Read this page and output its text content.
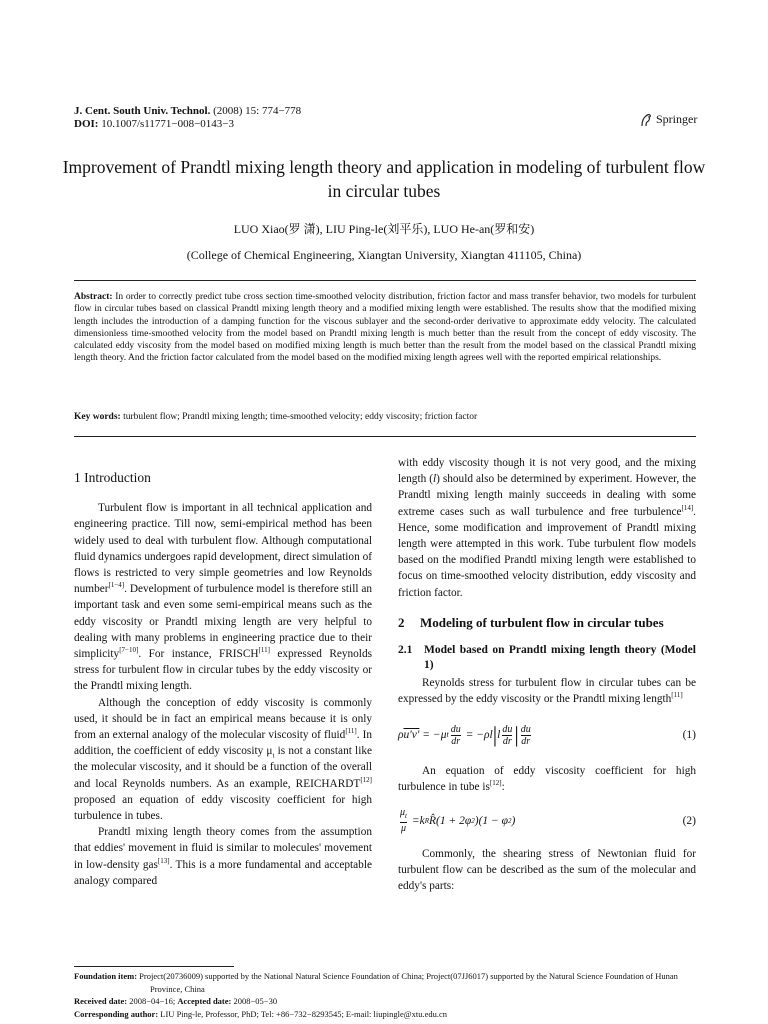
J. Cent. South Univ. Technol. (2008) 15: 774−778
DOI: 10.1007/s11771−008−0143−3	Springer
Improvement of Prandtl mixing length theory and application in modeling of turbulent flow in circular tubes
LUO Xiao(罗 潇), LIU Ping-le(刘平乐), LUO He-an(罗和安)
(College of Chemical Engineering, Xiangtan University, Xiangtan 411105, China)
Abstract: In order to correctly predict tube cross section time-smoothed velocity distribution, friction factor and mass transfer behavior, two models for turbulent flow in circular tubes based on classical Prandtl mixing length theory and a modified mixing length were established. The results show that the modified mixing length includes the introduction of a damping function for the viscous sublayer and the second-order derivative to approximate eddy velocity. The calculated dimensionless time-smoothed velocity from the model based on Prandtl mixing length is much better than the result from the concept of eddy viscosity. The calculated eddy viscosity from the model based on modified mixing length is much better than the result from the model based on the classical Prandtl mixing length theory. And the friction factor calculated from the model based on the modified mixing length agrees well with the reported empirical relationships.
Key words: turbulent flow; Prandtl mixing length; time-smoothed velocity; eddy viscosity; friction factor
1 Introduction

Turbulent flow is important in all technical application and engineering practice. Till now, semi-empirical method has been widely used to deal with turbulent flow. Although computational fluid dynamics undergoes rapid development, direct simulation of flows is restricted to very simple geometries and low Reynolds number[1−4]. Development of turbulence model is therefore still an important task and even some semi-empirical means such as the eddy viscosity or Prandtl mixing length are very helpful to dealing with many problems in engineering practice due to their simplicity[7−10]. For instance, FRISCH[11] expressed Reynolds stress for turbulent flow in circular tubes by the eddy viscosity or the Prandtl mixing length.

Although the conception of eddy viscosity is commonly used, it should be in fact an empirical means because it is only from an external analogy of the molecular viscosity of fluid[11]. In addition, the coefficient of eddy viscosity $\mu_t$ is not a constant like the molecular viscosity, and it should be a function of the overall and local Reynolds numbers. As an example, REICHARDT[12] proposed an equation of eddy viscosity coefficient for high turbulence in tubes.

Prandtl mixing length theory comes from the assumption that eddies' movement in fluid is similar to molecules' movement in low-density gas[13]. This is a more fundamental and acceptable analogy compared

with eddy viscosity though it is not very good, and the mixing length (l) should also be determined by experiment. However, the Prandtl mixing length mainly succeeds in dealing with some extreme cases such as wall turbulence and free turbulence[14]. Hence, some modification and improvement of Prandtl mixing length were attempted in this work. Tube turbulent flow models based on the modified Prandtl mixing length were established to focus on time-smoothed velocity distribution, eddy viscosity and friction factor.

2	Modeling of turbulent flow in circular tubes
2.1	Model based on Prandtl mixing length theory (Model 1)

Reynolds stress for turbulent flow in circular tubes can be expressed by the eddy viscosity or the Prandtl mixing length[11]

ρ u′v′ = −μ t $\frac{du}{dr} = -\rho$ l | l $\frac{du}{dr}$ | $\frac{du}{dr}$	(1)

An equation of eddy viscosity coefficient for high turbulence in tube is[12]:

$\frac{\mu_t}{\mu} = k$ R R̂ (1 + 2φ 2 )(1 − φ 2 )	(2)

Commonly, the shearing stress of Newtonian fluid for turbulent flow can be described as the sum of the molecular and eddy's parts:

Foundation item: Project(20736009) supported by the National Natural Science Foundation of China; Project(07JJ6017) supported by the Natural Science Foundation of Hunan Province, China
Received date: 2008−04−16; Accepted date: 2008−05−30
Corresponding author: LIU Ping-le, Professor, PhD; Tel: +86−732−8293545; E-mail: liupingle@xtu.edu.cn
